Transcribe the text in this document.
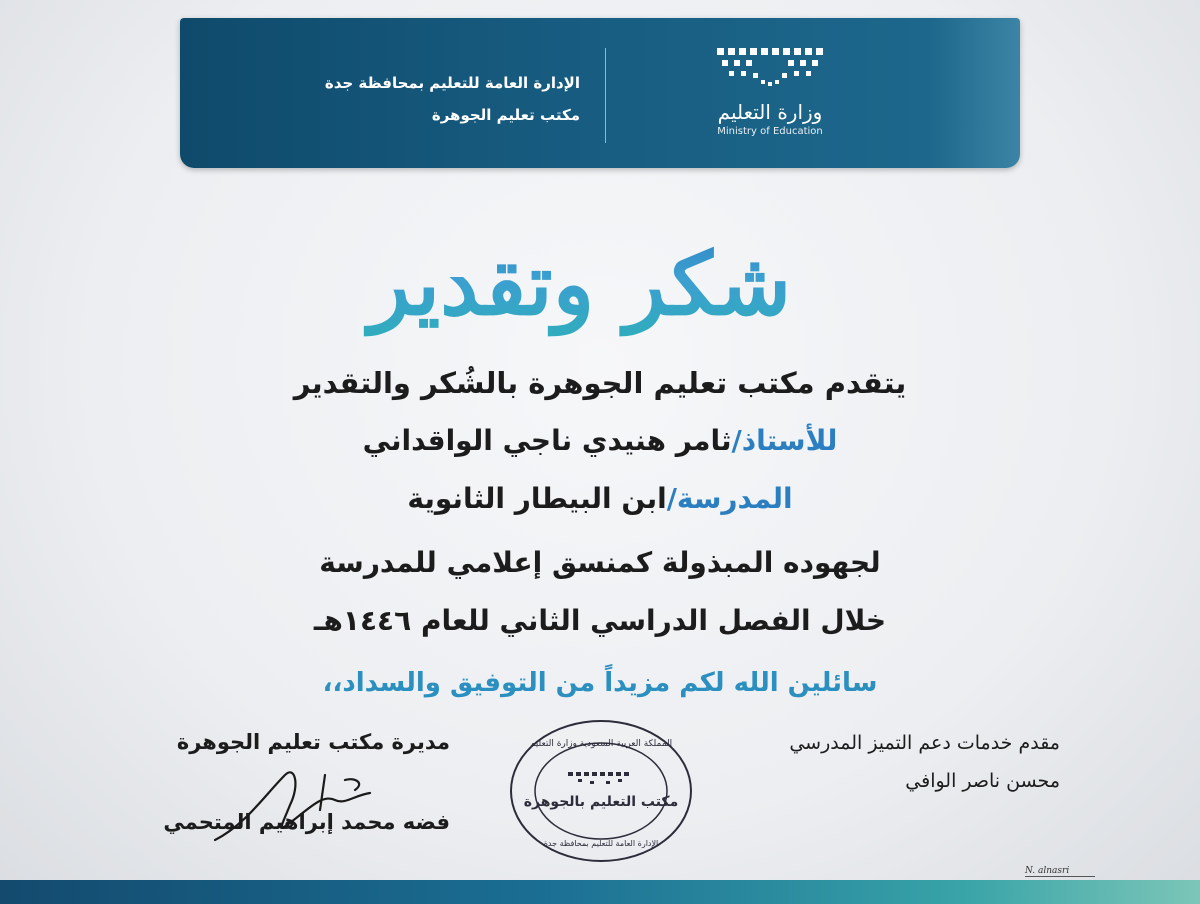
الإدارة العامة للتعليم بمحافظة جدة
مكتب تعليم الجوهرة	وزارة التعليم
Ministry of Education
شكر وتقدير
يتقدم مكتب تعليم الجوهرة بالشُكر والتقدير
للأستاذ/ثامر هنيدي ناجي الواقداني
المدرسة/ابن البيطار الثانوية
لجهوده المبذولة كمنسق إعلامي للمدرسة
خلال الفصل الدراسي الثاني للعام ١٤٤٦هـ
سائلين الله لكم مزيداً من التوفيق والسداد،،
مديرة مكتب تعليم الجوهرة
فضه محمد إبراهيم المتحمي
مقدم خدمات دعم التميز المدرسي
محسن ناصر الوافي
المملكة العربية السعودية وزارة التعليم
مكتب التعليم بالجوهرة
الإدارة العامة للتعليم بمحافظة جدة
N. alnasri
